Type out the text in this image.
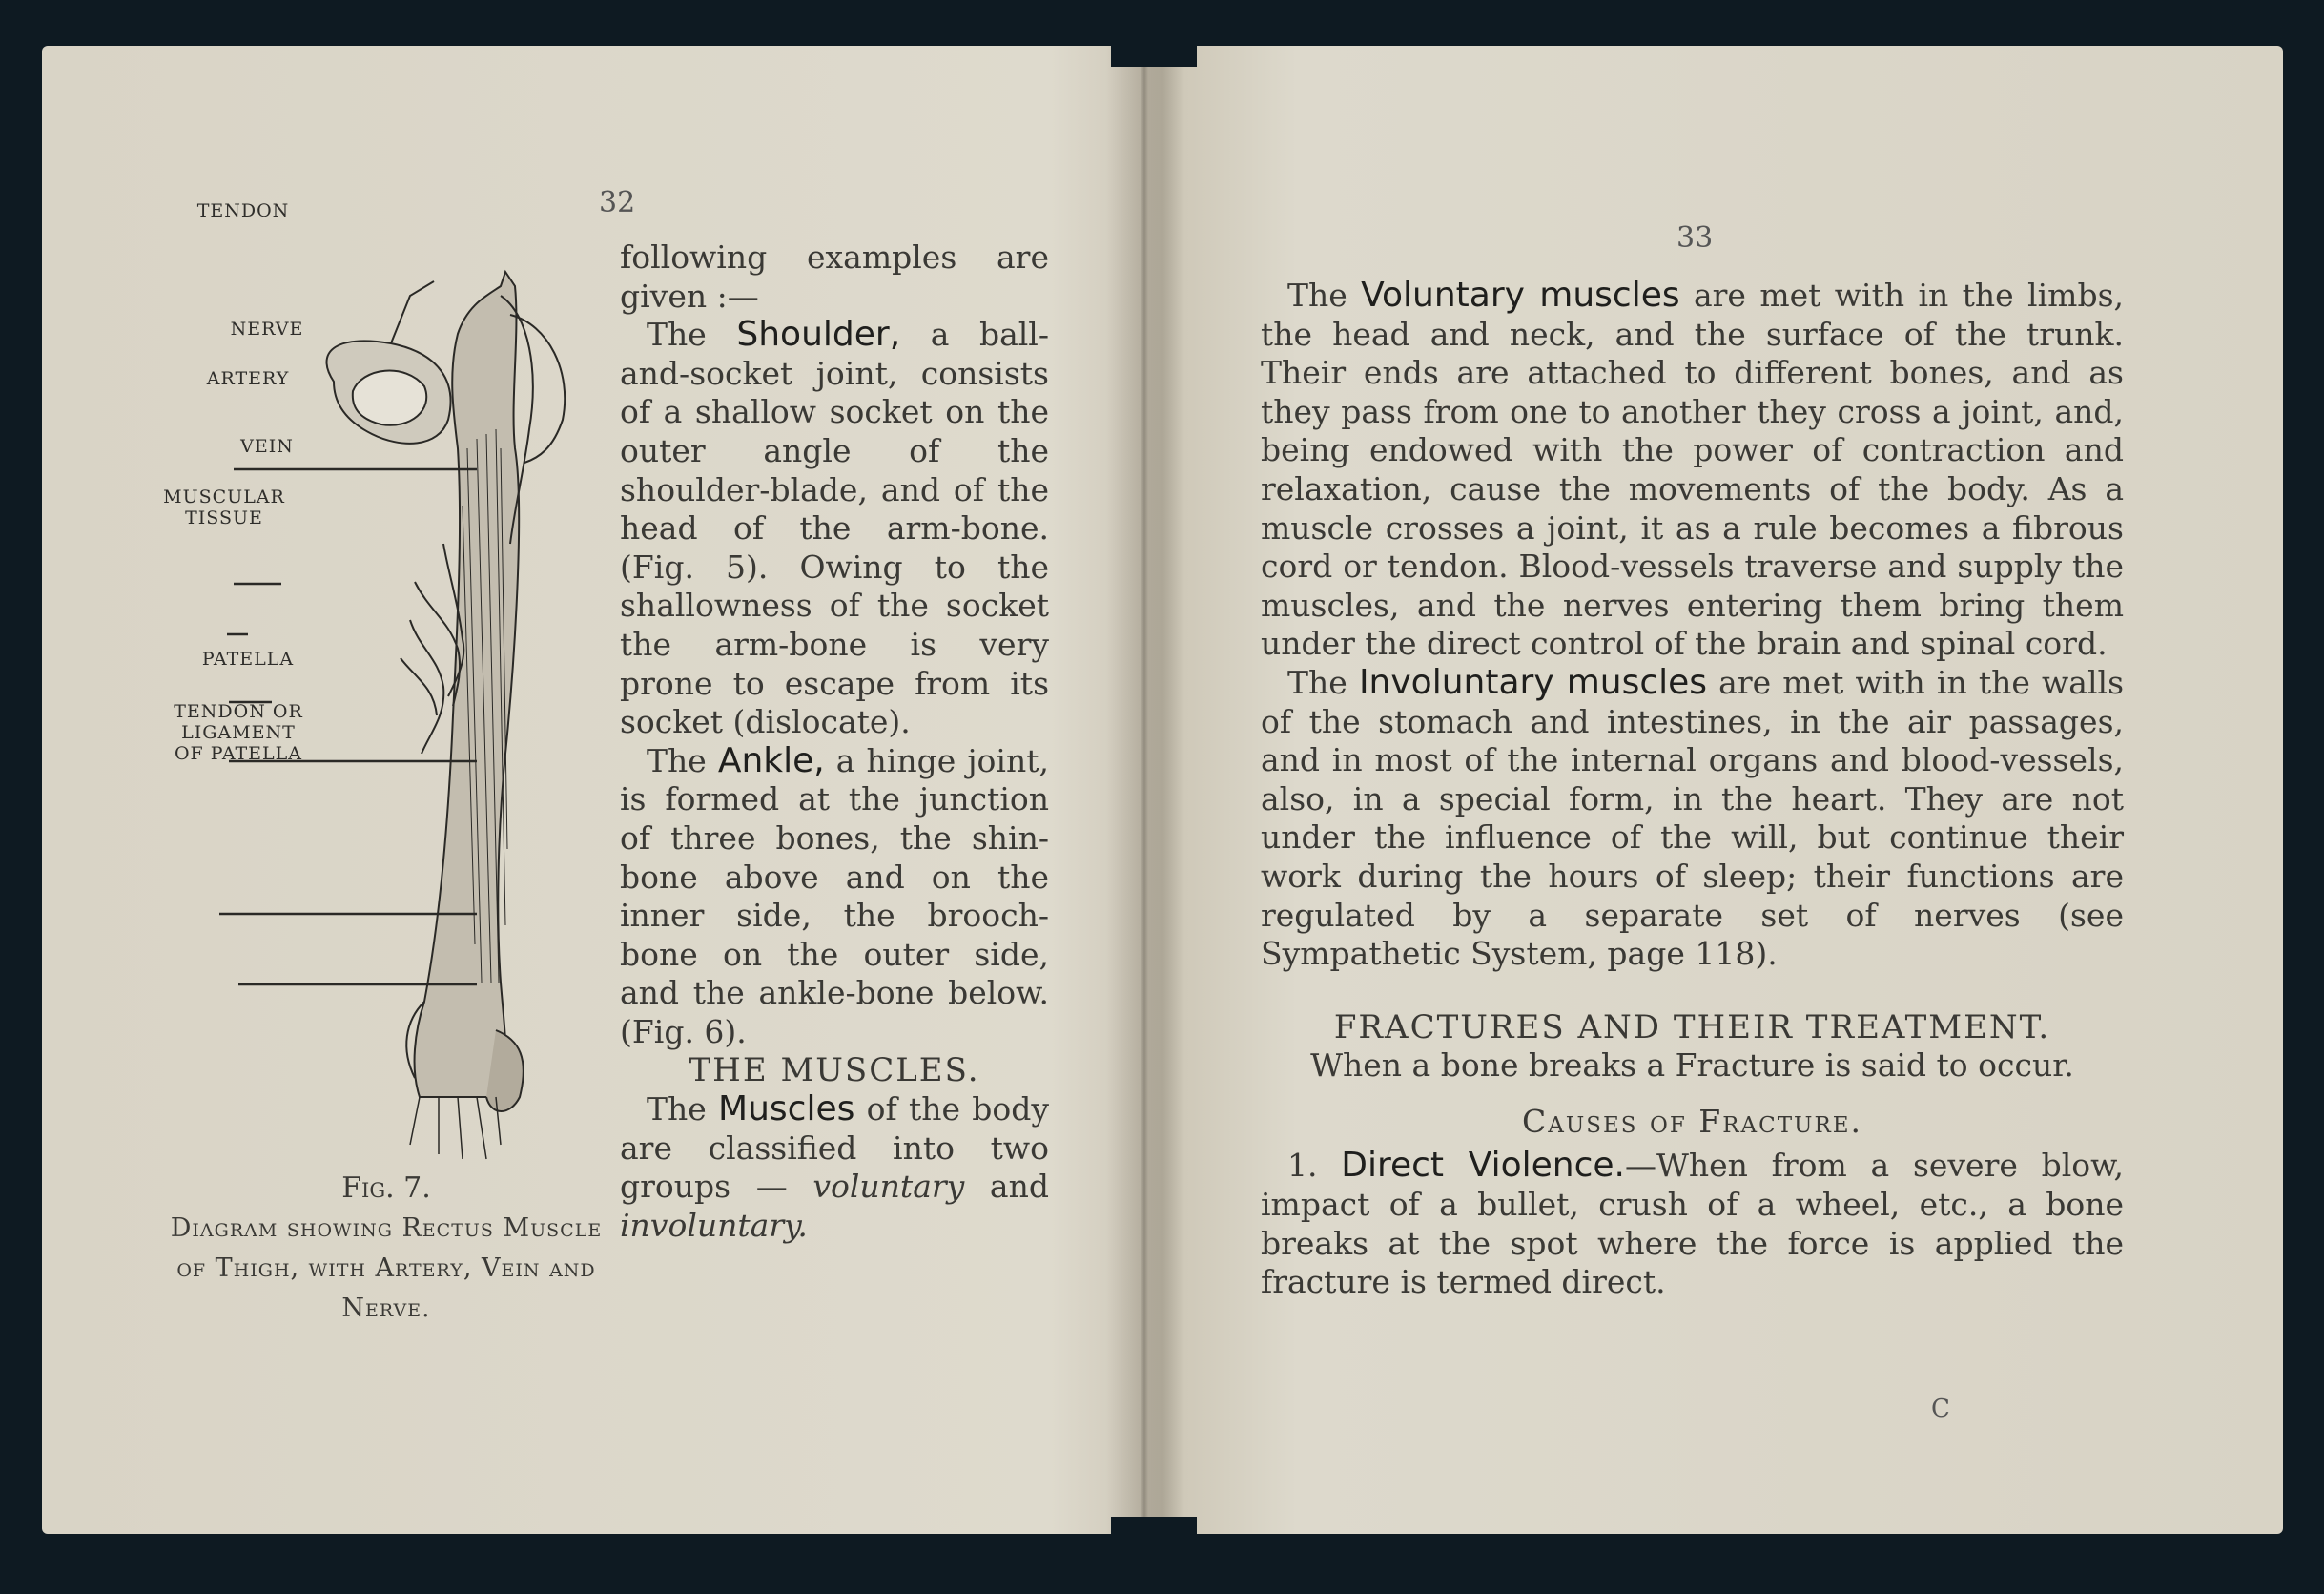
32
TENDON
NERVE
ARTERY
VEIN
MUSCULAR TISSUE
PATELLA
TENDON OR LIGAMENT OF PATELLA
Fig. 7.
Diagram showing Rectus Muscle of Thigh, with Artery, Vein and Nerve.

following examples are given :—

The Shoulder, a ball-and-socket joint, consists of a shallow socket on the outer angle of the shoulder-blade, and of the head of the arm-bone. (Fig. 5). Owing to the shallowness of the socket the arm-bone is very prone to escape from its socket (dislocate).

The Ankle, a hinge joint, is formed at the junction of three bones, the shin-bone above and on the inner side, the brooch-bone on the outer side, and the ankle-bone below. (Fig. 6).

THE MUSCLES.

The Muscles of the body are classified into two groups — voluntary and involuntary.

33

The Voluntary muscles are met with in the limbs, the head and neck, and the surface of the trunk. Their ends are attached to different bones, and as they pass from one to another they cross a joint, and, being endowed with the power of contraction and relaxation, cause the movements of the body. As a muscle crosses a joint, it as a rule becomes a fibrous cord or tendon. Blood-vessels traverse and supply the muscles, and the nerves entering them bring them under the direct control of the brain and spinal cord.

The Involuntary muscles are met with in the walls of the stomach and intestines, in the air passages, and in most of the internal organs and blood-vessels, also, in a special form, in the heart. They are not under the influence of the will, but continue their work during the hours of sleep; their functions are regulated by a separate set of nerves (see Sympathetic System, page 118).

FRACTURES AND THEIR TREATMENT.

When a bone breaks a Fracture is said to occur.

Causes of Fracture.

1. Direct Violence.—When from a severe blow, impact of a bullet, crush of a wheel, etc., a bone breaks at the spot where the force is applied the fracture is termed direct.

C
